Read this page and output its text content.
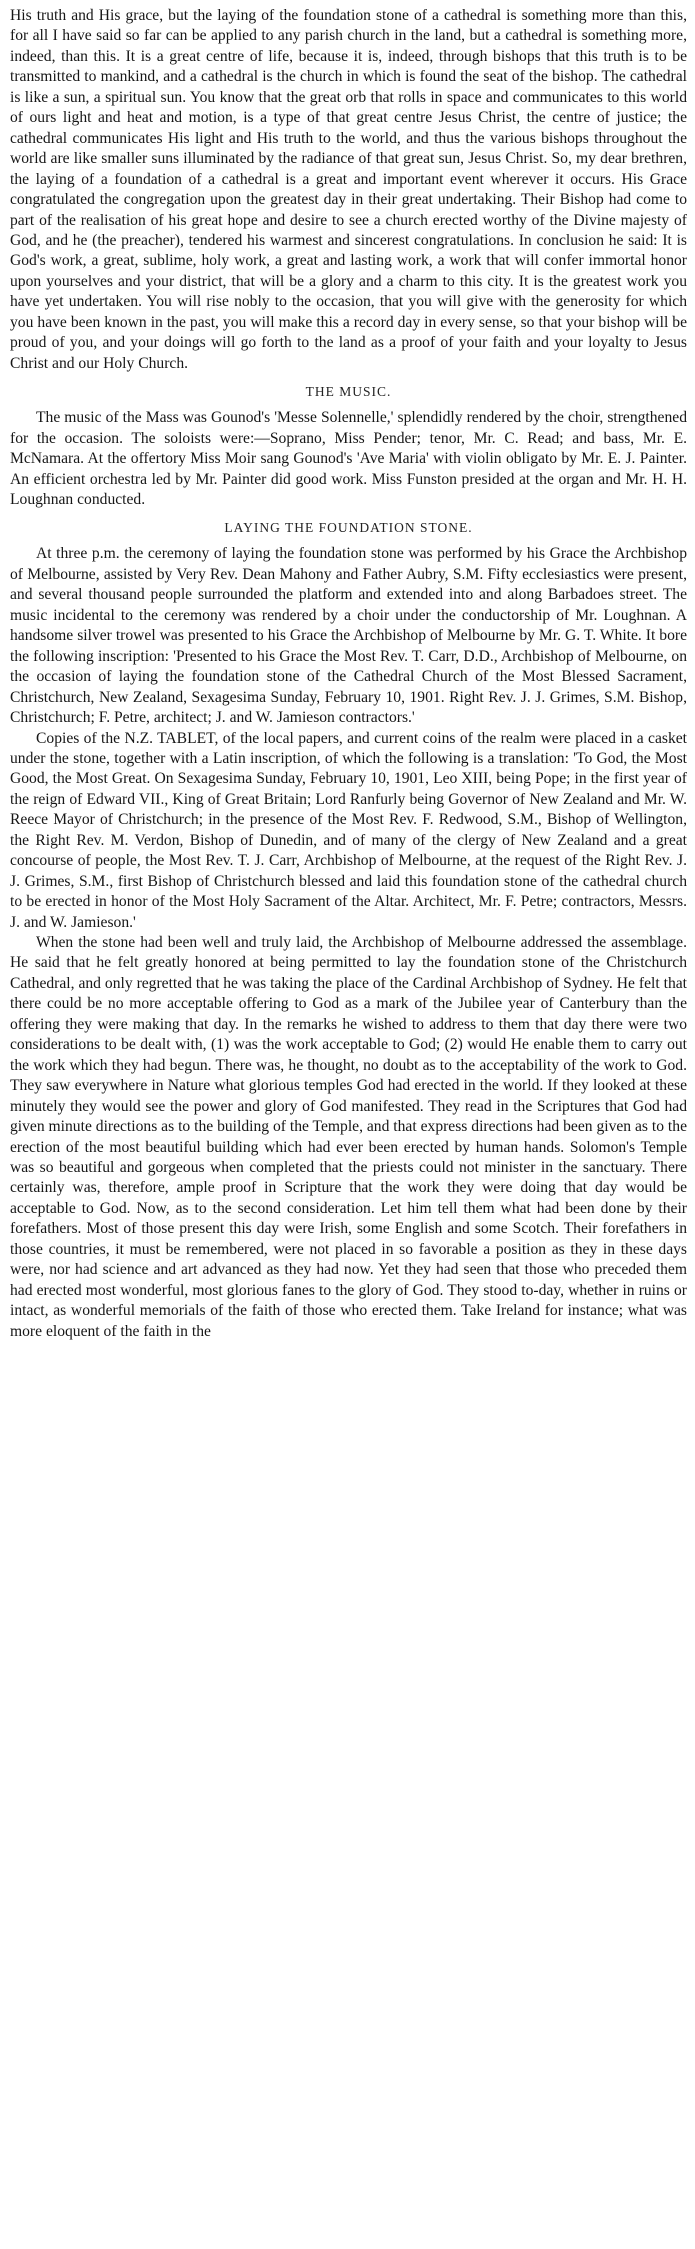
His truth and His grace, but the laying of the foundation stone of a cathedral is something more than this, for all I have said so far can be applied to any parish church in the land, but a cathedral is something more, indeed, than this. It is a great centre of life, because it is, indeed, through bishops that this truth is to be transmitted to mankind, and a cathedral is the church in which is found the seat of the bishop. The cathedral is like a sun, a spiritual sun. You know that the great orb that rolls in space and communicates to this world of ours light and heat and motion, is a type of that great centre Jesus Christ, the centre of justice; the cathedral communicates His light and His truth to the world, and thus the various bishops throughout the world are like smaller suns illuminated by the radiance of that great sun, Jesus Christ. So, my dear brethren, the laying of a foundation of a cathedral is a great and important event wherever it occurs. His Grace congratulated the congregation upon the greatest day in their great undertaking. Their Bishop had come to part of the realisation of his great hope and desire to see a church erected worthy of the Divine majesty of God, and he (the preacher), tendered his warmest and sincerest congratulations. In conclusion he said: It is God's work, a great, sublime, holy work, a great and lasting work, a work that will confer immortal honor upon yourselves and your district, that will be a glory and a charm to this city. It is the greatest work you have yet undertaken. You will rise nobly to the occasion, that you will give with the generosity for which you have been known in the past, you will make this a record day in every sense, so that your bishop will be proud of you, and your doings will go forth to the land as a proof of your faith and your loyalty to Jesus Christ and our Holy Church.

THE MUSIC.

The music of the Mass was Gounod's 'Messe Solennelle,' splendidly rendered by the choir, strengthened for the occasion. The soloists were:—Soprano, Miss Pender; tenor, Mr. C. Read; and bass, Mr. E. McNamara. At the offertory Miss Moir sang Gounod's 'Ave Maria' with violin obligato by Mr. E. J. Painter. An efficient orchestra led by Mr. Painter did good work. Miss Funston presided at the organ and Mr. H. H. Loughnan conducted.

LAYING THE FOUNDATION STONE.

At three p.m. the ceremony of laying the foundation stone was performed by his Grace the Archbishop of Melbourne, assisted by Very Rev. Dean Mahony and Father Aubry, S.M. Fifty ecclesiastics were present, and several thousand people surrounded the platform and extended into and along Barbadoes street. The music incidental to the ceremony was rendered by a choir under the conductorship of Mr. Loughnan. A handsome silver trowel was presented to his Grace the Archbishop of Melbourne by Mr. G. T. White. It bore the following inscription: 'Presented to his Grace the Most Rev. T. Carr, D.D., Archbishop of Melbourne, on the occasion of laying the foundation stone of the Cathedral Church of the Most Blessed Sacrament, Christchurch, New Zealand, Sexagesima Sunday, February 10, 1901. Right Rev. J. J. Grimes, S.M. Bishop, Christchurch; F. Petre, architect; J. and W. Jamieson contractors.'

Copies of the N.Z. TABLET, of the local papers, and current coins of the realm were placed in a casket under the stone, together with a Latin inscription, of which the following is a translation: 'To God, the Most Good, the Most Great. On Sexagesima Sunday, February 10, 1901, Leo XIII, being Pope; in the first year of the reign of Edward VII., King of Great Britain; Lord Ranfurly being Governor of New Zealand and Mr. W. Reece Mayor of Christchurch; in the presence of the Most Rev. F. Redwood, S.M., Bishop of Wellington, the Right Rev. M. Verdon, Bishop of Dunedin, and of many of the clergy of New Zealand and a great concourse of people, the Most Rev. T. J. Carr, Archbishop of Melbourne, at the request of the Right Rev. J. J. Grimes, S.M., first Bishop of Christchurch blessed and laid this foundation stone of the cathedral church to be erected in honor of the Most Holy Sacrament of the Altar. Architect, Mr. F. Petre; contractors, Messrs. J. and W. Jamieson.'

When the stone had been well and truly laid, the Archbishop of Melbourne addressed the assemblage. He said that he felt greatly honored at being permitted to lay the foundation stone of the Christchurch Cathedral, and only regretted that he was taking the place of the Cardinal Archbishop of Sydney. He felt that there could be no more acceptable offering to God as a mark of the Jubilee year of Canterbury than the offering they were making that day. In the remarks he wished to address to them that day there were two considerations to be dealt with, (1) was the work acceptable to God; (2) would He enable them to carry out the work which they had begun. There was, he thought, no doubt as to the acceptability of the work to God. They saw everywhere in Nature what glorious temples God had erected in the world. If they looked at these minutely they would see the power and glory of God manifested. They read in the Scriptures that God had given minute directions as to the building of the Temple, and that express directions had been given as to the erection of the most beautiful building which had ever been erected by human hands. Solomon's Temple was so beautiful and gorgeous when completed that the priests could not minister in the sanctuary. There certainly was, therefore, ample proof in Scripture that the work they were doing that day would be acceptable to God. Now, as to the second consideration. Let him tell them what had been done by their forefathers. Most of those present this day were Irish, some English and some Scotch. Their forefathers in those countries, it must be remembered, were not placed in so favorable a position as they in these days were, nor had science and art advanced as they had now. Yet they had seen that those who preceded them had erected most wonderful, most glorious fanes to the glory of God. They stood to-day, whether in ruins or intact, as wonderful memorials of the faith of those who erected them. Take Ireland for instance; what was more eloquent of the faith in the
